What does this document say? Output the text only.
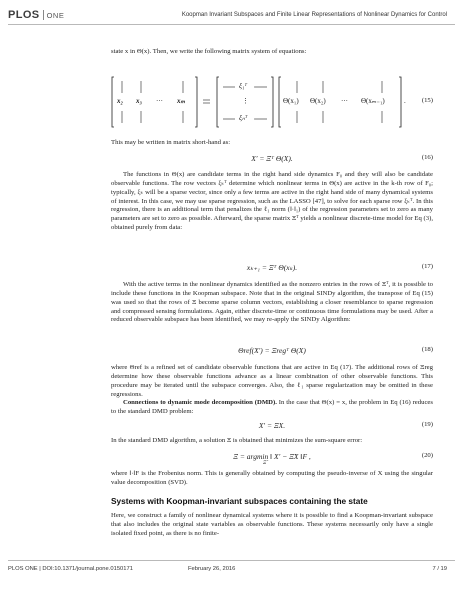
PLOS ONE	Koopman Invariant Subspaces and Finite Linear Representations of Nonlinear Dynamics for Control

state x in Θ(x). Then, we write the following matrix system of equations:

x₂ x₃ ··· xₘ
ξ₁ᵀ
⋮
ξₙᵀ
Θ(x₁) Θ(x₂) ··· Θ(xₘ₋₁)	. (15)

This may be written in matrix short-hand as:

X′ = Ξᵀ Θ(X).	(16)

The functions in Θ(x) are candidate terms in the right hand side dynamics F₀ and they will also be candidate observable functions. The row vectors ξₖᵀ determine which nonlinear terms in Θ(x) are active in the k-th row of F₀; typically, ξₖ will be a sparse vector, since only a few terms are active in the right hand side of many dynamical systems of interest. In this case, we may use sparse regression, such as the LASSO [47], to solve for each sparse row ξₖᵀ. In this regression, there is an additional term that penalizes the ℓ₁ norm (‖·‖₁) of the regression parameters set to zero as many parameters are set to zero as possible. Afterward, the sparse matrix Ξᵀ yields a nonlinear discrete-time model for Eq (3), obtained purely from data:

xₖ₊₁ = Ξᵀ Θ(xₖ).	(17)

With the active terms in the nonlinear dynamics identified as the nonzero entries in the rows of Ξᵀ, it is possible to include these functions in the Koopman subspace. Note that in the original SINDy algorithm, the transpose of Eq (15) was used so that the rows of Ξ become sparse column vectors, establishing a closer resemblance to sparse regression and compressed sensing formulations. Again, either discrete-time or continuous time formulations may be used. After a reduced observable subspace has been identified, we may re-apply the SINDy Algorithm:

Θref(X′) = Ξregᵀ Θ(X)	(18)

where Θref is a refined set of candidate observable functions that are active in Eq (17). The additional rows of Ξreg determine how these observable functions advance as a linear combination of other observable functions. This procedure may be iterated until the subspace converges. Also, the ℓ₁ sparse regularization may be omitted in these regressions.

Connections to dynamic mode decomposition (DMD). In the case that Θ(x) = x, the problem in Eq (16) reduces to the standard DMD problem:

X′ = ΞX.	(19)

In the standard DMD algorithm, a solution Ξ is obtained that minimizes the sum-square error:

Ξ = argmin ‖ X′ − Ξ̃X ‖F ,
Ξ̃
(20)

where ‖·‖F is the Frobenius norm. This is generally obtained by computing the pseudo-inverse of X using the singular value decomposition (SVD).

Systems with Koopman-invariant subspaces containing the state

Here, we construct a family of nonlinear dynamical systems where it is possible to find a Koopman-invariant subspace that also includes the original state variables as observable functions. These systems necessarily only have a single isolated fixed point, as there is no finite-

PLOS ONE | DOI:10.1371/journal.pone.0150171	February 26, 2016	7 / 19
